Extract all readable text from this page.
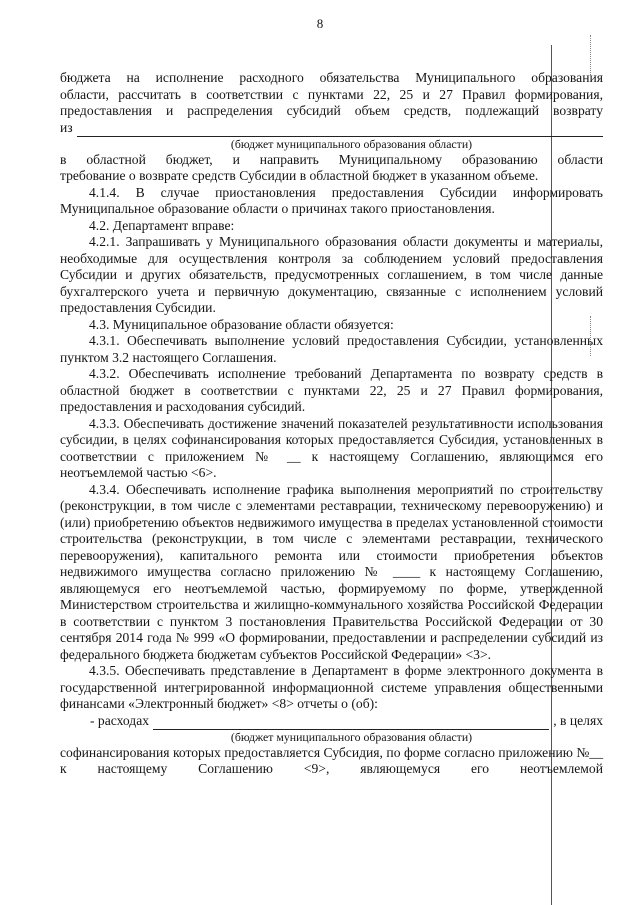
8

бюджета на исполнение расходного обязательства Муниципального образования

области, рассчитать в соответствии с пунктами 22, 25 и 27 Правил формирования,

предоставления и распределения субсидий объем средств, подлежащий возврату

из
(бюджет муниципального образования области)

в областной бюджет, и направить Муниципальному образованию области

требование о возврате средств Субсидии в областной бюджет в указанном объеме.

4.1.4. В случае приостановления предоставления Субсидии информировать Муниципальное образование области о причинах такого приостановления.

4.2. Департамент вправе:

4.2.1. Запрашивать у Муниципального образования области документы и материалы, необходимые для осуществления контроля за соблюдением условий предоставления Субсидии и других обязательств, предусмотренных соглашением, в том числе данные бухгалтерского учета и первичную документацию, связанные с исполнением условий предоставления Субсидии.

4.3. Муниципальное образование области обязуется:

4.3.1. Обеспечивать выполнение условий предоставления Субсидии, установленных пунктом 3.2 настоящего Соглашения.

4.3.2. Обеспечивать исполнение требований Департамента по возврату средств в областной бюджет в соответствии с пунктами 22, 25 и 27 Правил формирования, предоставления и расходования субсидий.

4.3.3. Обеспечивать достижение значений показателей результативности использования субсидии, в целях софинансирования которых предоставляется Субсидия, установленных в соответствии с приложением № __ к настоящему Соглашению, являющимся его неотъемлемой частью <6>.

4.3.4. Обеспечивать исполнение графика выполнения мероприятий по строительству (реконструкции, в том числе с элементами реставрации, техническому перевооружению) и (или) приобретению объектов недвижимого имущества в пределах установленной стоимости строительства (реконструкции, в том числе с элементами реставрации, технического перевооружения), капитального ремонта или стоимости приобретения объектов недвижимого имущества согласно приложению № ____ к настоящему Соглашению, являющемуся его неотъемлемой частью, формируемому по форме, утвержденной Министерством строительства и жилищно-коммунального хозяйства Российской Федерации в соответствии с пунктом 3 постановления Правительства Российской Федерации от 30 сентября 2014 года № 999 «О формировании, предоставлении и распределении субсидий из федерального бюджета бюджетам субъектов Российской Федерации» <3>.

4.3.5. Обеспечивать представление в Департамент в форме электронного документа в государственной интегрированной информационной системе управления общественными финансами «Электронный бюджет» <8> отчеты о (об):

- расходах	, в целях
(бюджет муниципального образования области)

софинансирования которых предоставляется Субсидия, по форме согласно приложению №__ к настоящему Соглашению <9>, являющемуся его неотъемлемой
